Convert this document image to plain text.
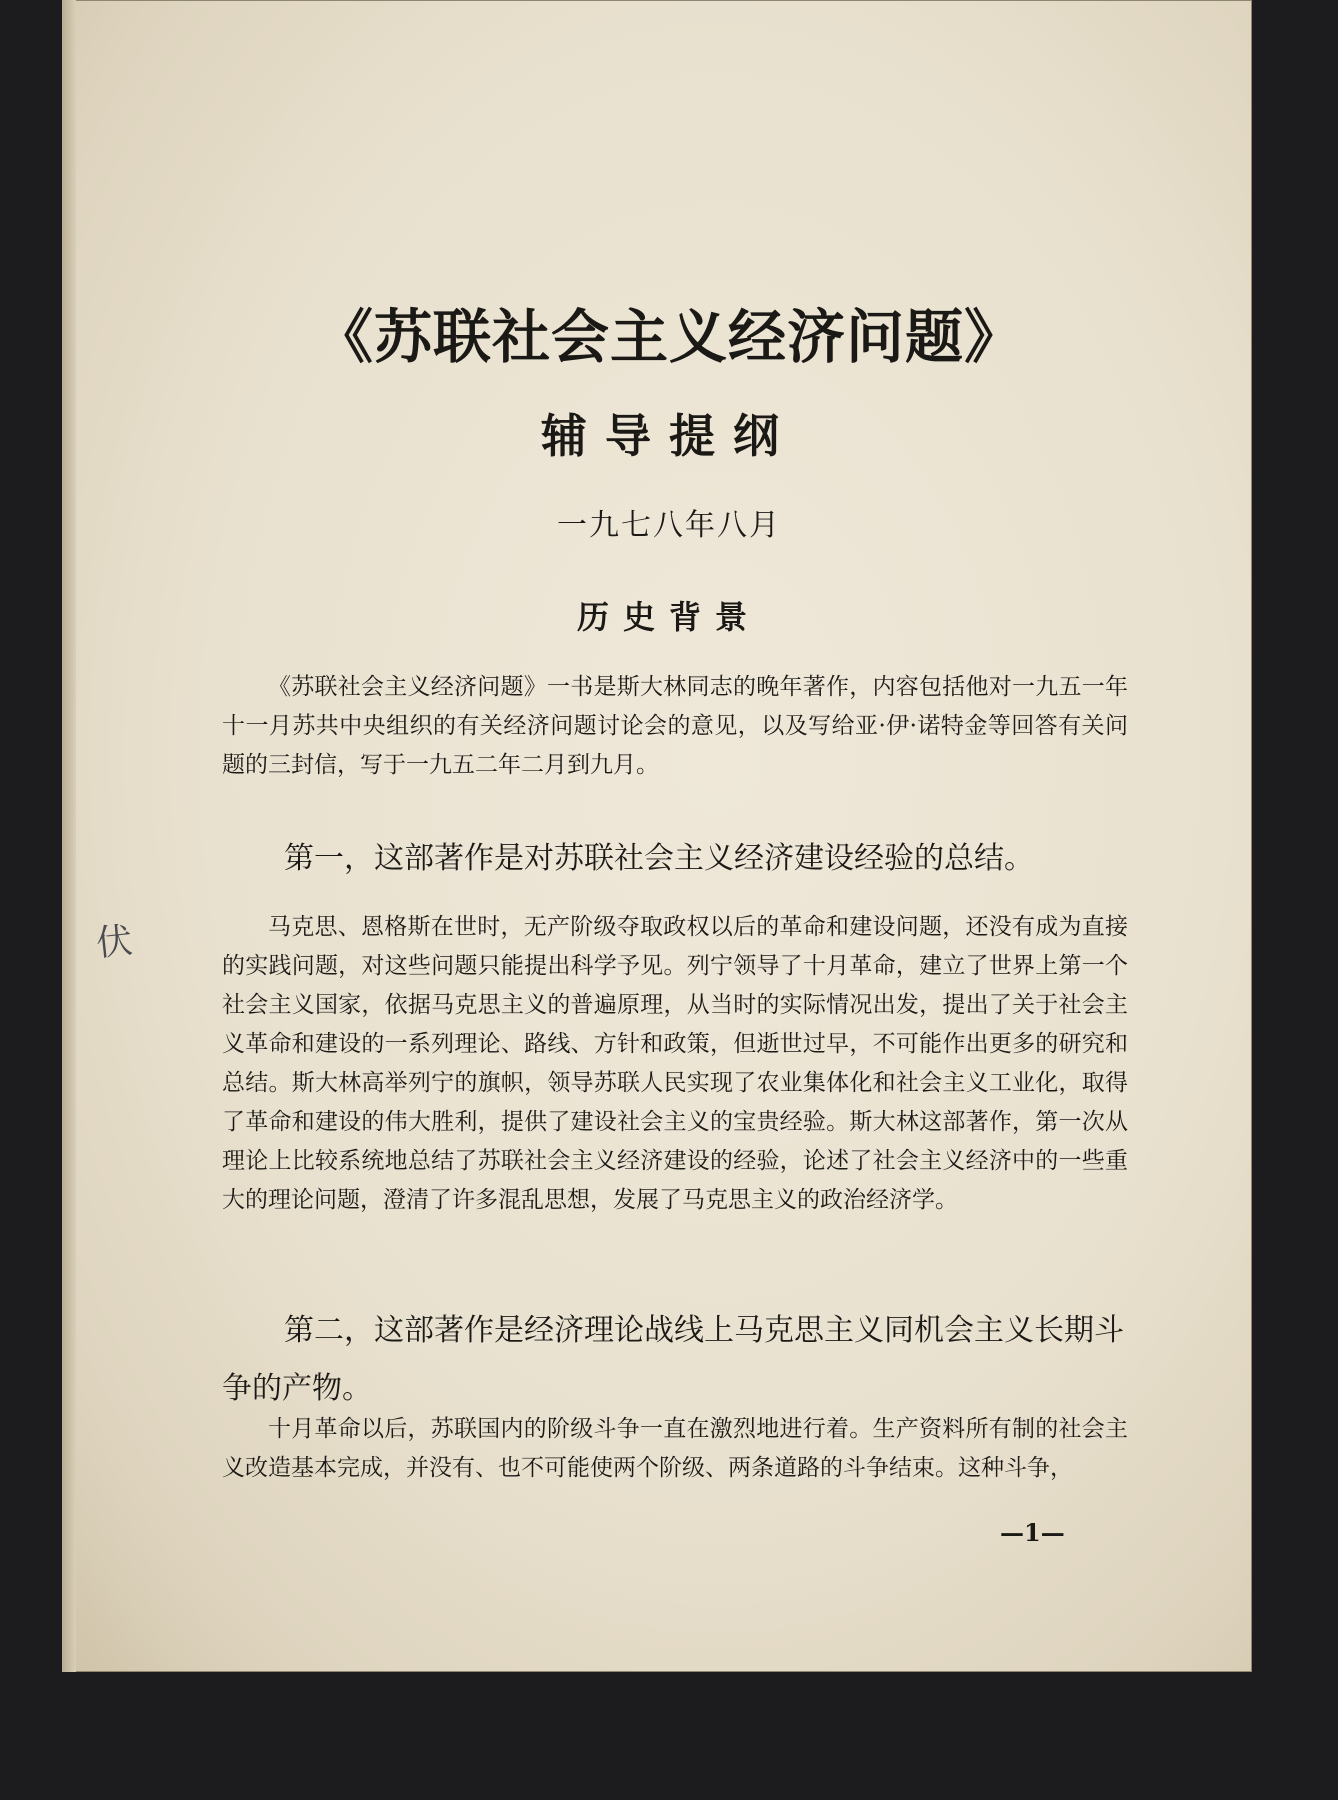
《苏联社会主义经济问题》
辅导提纲
一九七八年八月
历史背景

《苏联社会主义经济问题》一书是斯大林同志的晚年著作，内容包括他对一九五一年十一月苏共中央组织的有关经济问题讨论会的意见，以及写给亚·伊·诺特金等回答有关问题的三封信，写于一九五二年二月到九月。

第一，这部著作是对苏联社会主义经济建设经验的总结。

马克思、恩格斯在世时，无产阶级夺取政权以后的革命和建设问题，还没有成为直接的实践问题，对这些问题只能提出科学予见。列宁领导了十月革命，建立了世界上第一个社会主义国家，依据马克思主义的普遍原理，从当时的实际情况出发，提出了关于社会主义革命和建设的一系列理论、路线、方针和政策，但逝世过早，不可能作出更多的研究和总结。斯大林高举列宁的旗帜，领导苏联人民实现了农业集体化和社会主义工业化，取得了革命和建设的伟大胜利，提供了建设社会主义的宝贵经验。斯大林这部著作，第一次从理论上比较系统地总结了苏联社会主义经济建设的经验，论述了社会主义经济中的一些重大的理论问题，澄清了许多混乱思想，发展了马克思主义的政治经济学。

第二，这部著作是经济理论战线上马克思主义同机会主义长期斗争的产物。

十月革命以后，苏联国内的阶级斗争一直在激烈地进行着。生产资料所有制的社会主义改造基本完成，并没有、也不可能使两个阶级、两条道路的斗争结束。这种斗争，

—1—
伏
